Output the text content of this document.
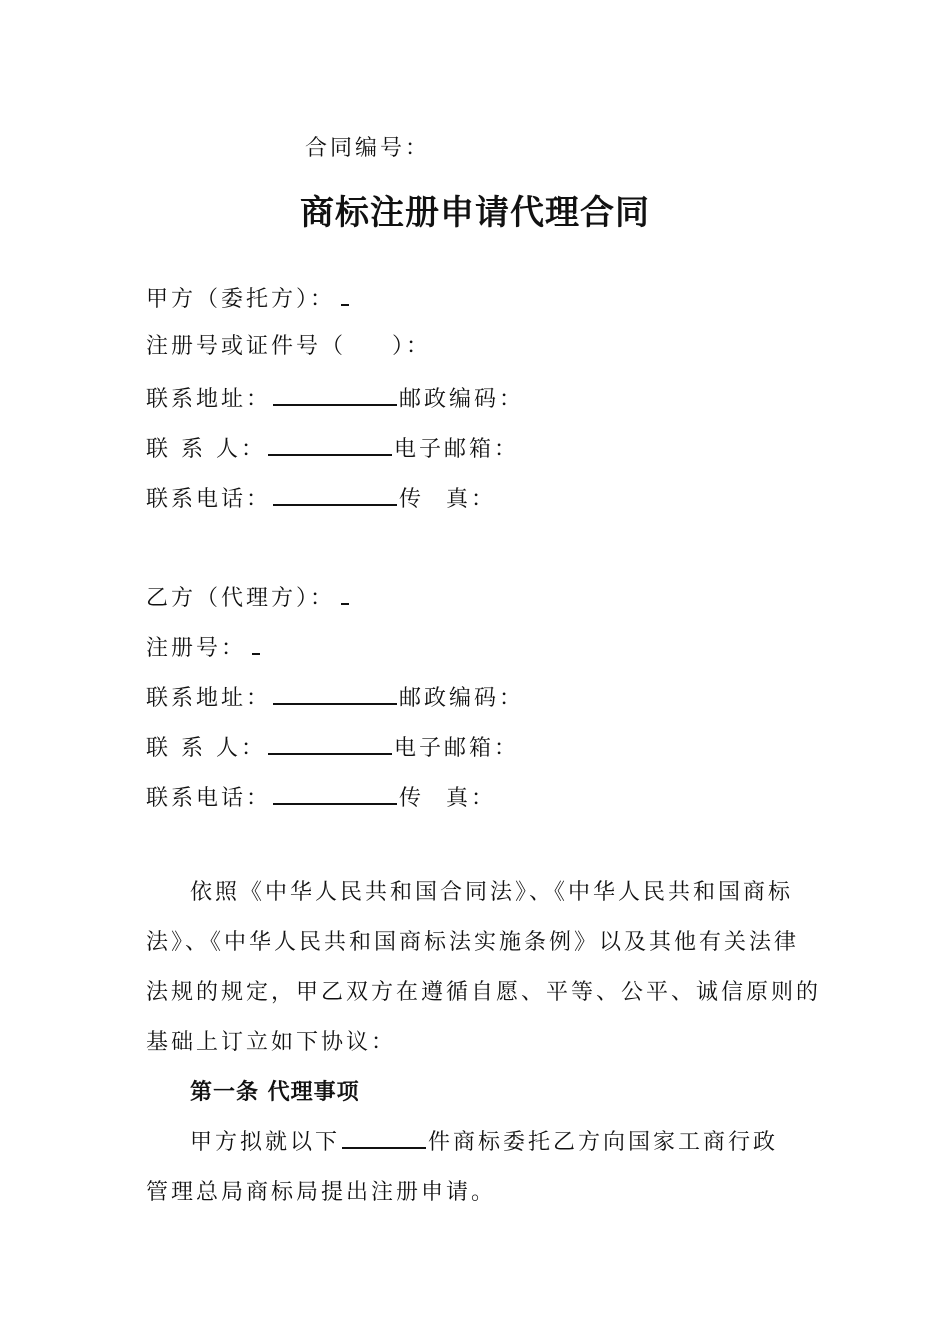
合同编号：
商标注册申请代理合同
甲方（委托方）：
注册号或证件号（ ）：
联系地址：	邮政编码：
联 系 人：	电子邮箱：
联系电话：	传 真：
乙方（代理方）：
注册号：
联系地址：	邮政编码：
联 系 人：	电子邮箱：
联系电话：	传 真：
依照《中华人民共和国合同法》、《中华人民共和国商标
法》、《中华人民共和国商标法实施条例》以及其他有关法律
法规的规定，甲乙双方在遵循自愿、平等、公平、诚信原则的
基础上订立如下协议：
第一条 代理事项
甲方拟就以下	件商标委托乙方向国家工商行政
管理总局商标局提出注册申请。
